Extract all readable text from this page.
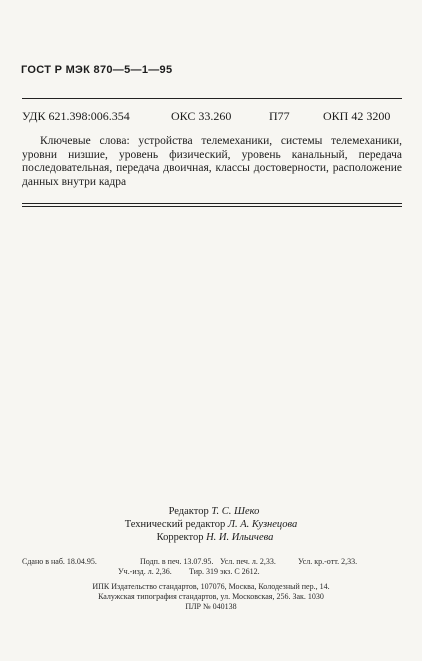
ГОСТ Р МЭК 870—5—1—95
УДК 621.398:006.354	ОКС 33.260	П77	ОКП 42 3200
Ключевые слова: устройства телемеханики, системы телемеханики, уровни низшие, уровень физический, уровень канальный, передача последовательная, передача двоичная, классы достоверности, расположение данных внутри кадра
Редактор Т. С. Шеко
Технический редактор Л. А. Кузнецова
Корректор Н. И. Ильичева
Сдано в наб. 18.04.95.	Подп. в печ. 13.07.95. Усл. печ. л. 2,33.	Усл. кр.-отт. 2,33.
Уч.-изд. л. 2,36. Тир. 319 экз. С 2612.
ИПК Издательство стандартов, 107076, Москва, Колодезный пер., 14.
Калужская типография стандартов, ул. Московская, 256. Зак. 1030
ПЛР № 040138
